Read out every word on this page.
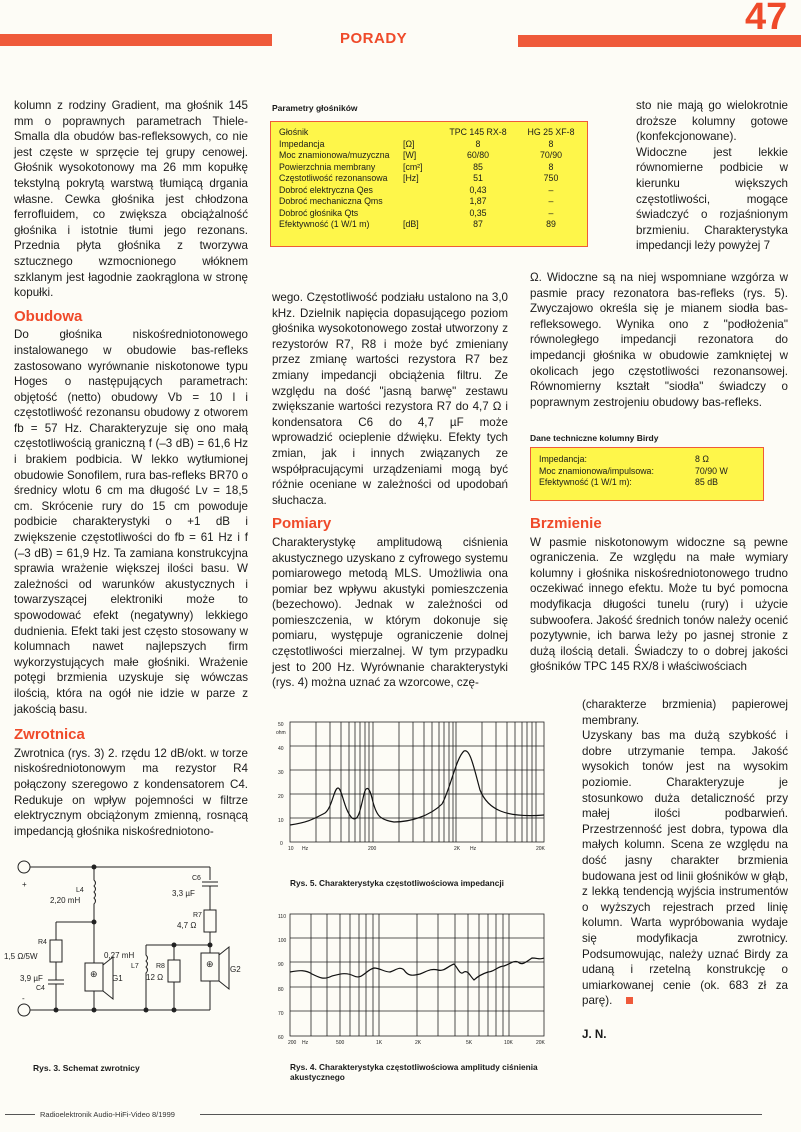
PORADY
47

kolumn z rodziny Gradient, ma głośnik 145 mm o poprawnych parametrach Thiele-Smalla dla obudów bas-refleksowych, co nie jest częste w sprzęcie tej grupy cenowej. Głośnik wysokotonowy ma 26 mm kopułkę tekstylną pokrytą warstwą tłumiącą drgania własne. Cewka głośnika jest chłodzona ferrofluidem, co zwiększa obciążalność głośnika i istotnie tłumi jego rezonans. Przednia płyta głośnika z tworzywa sztucznego wzmocnionego włóknem szklanym jest łagodnie zaokrąglona w stronę kopułki.

Obudowa

Do głośnika niskośredniotonowego instalowanego w obudowie bas-refleks zastosowano wyrównanie niskotonowe typu Hoges o następujących parametrach: objętość (netto) obudowy Vb = 10 l i częstotliwość rezonansu obudowy z otworem fb = 57 Hz. Charakteryzuje się ono małą częstotliwością graniczną f (–3 dB) = 61,6 Hz i brakiem podbicia. W lekko wytłumionej obudowie Sonofilem, rura bas-refleks BR70 o średnicy wlotu 6 cm ma długość Lv = 18,5 cm. Skrócenie rury do 15 cm powoduje podbicie charakterystyki o +1 dB i zwiększenie częstotliwości do fb = 61 Hz i f (–3 dB) = 61,9 Hz. Ta zamiana konstrukcyjna sprawia wrażenie większej ilości basu. W zależności od warunków akustycznych i towarzyszącej elektroniki może to spowodować efekt (negatywny) lekkiego dudnienia. Efekt taki jest często stosowany w kolumnach nawet najlepszych firm wykorzystujących małe głośniki. Wrażenie potęgi brzmienia uzyskuje się wówczas ilością, która na ogół nie idzie w parze z jakością basu.

Zwrotnica

Zwrotnica (rys. 3) 2. rzędu 12 dB/okt. w torze niskośredniotonowym ma rezystor R4 połączony szeregowo z kondensatorem C4. Redukuje on wpływ pojemności w filtrze elektrycznym obciążonym zmienną, rosnącą impedancją głośnika niskośredniotono-

+
-
L4
2,20 mH
C6
3,3 µF
R7
4,7 Ω
R4
1,5 Ω/5W
3,9 µF
C4
0,27 mH
L7 R8
12 Ω
G1
G2
⊕
⊕
Rys. 3. Schemat zwrotnicy
Parametry głośników
Głośnik		TPC 145 RX-8	HG 25 XF-8
Impedancja	[Ω]	8	8
Moc znamionowa/muzyczna	[W]	60/80	70/90
Powierzchnia membrany	[cm²]	85	8
Częstotliwość rezonansowa	[Hz]	51	750
Dobroć elektryczna Qes		0,43	–
Dobroć mechaniczna Qms		1,87	–
Dobroć głośnika Qts		0,35	–
Efektywność (1 W/1 m)	[dB]	87	89

wego. Częstotliwość podziału ustalono na 3,0 kHz. Dzielnik napięcia dopasującego poziom głośnika wysokotonowego został utworzony z rezystorów R7, R8 i może być zmieniany przez zmianę wartości rezystora R7 bez zmiany impedancji obciążenia filtru. Ze względu na dość "jasną barwę" zestawu zwiększanie wartości rezystora R7 do 4,7 Ω i kondensatora C6 do 4,7 µF może wprowadzić ocieplenie dźwięku. Efekty tych zmian, jak i innych związanych ze współpracującymi urządzeniami mogą być różnie oceniane w zależności od upodobań słuchacza.

Pomiary

Charakterystykę amplitudową ciśnienia akustycznego uzyskano z cyfrowego systemu pomiarowego metodą MLS. Umożliwia ona pomiar bez wpływu akustyki pomieszczenia (bezechowo). Jednak w zależności od pomieszczenia, w którym dokonuje się pomiaru, występuje ograniczenie dolnej częstotliwości mierzalnej. W tym przypadku jest to 200 Hz. Wyrównanie charakterystyki (rys. 4) można uznać za wzorcowe, czę-

50
40
30
20
10
0
ohm
10 Hz	200	2K Hz	20K
Rys. 5. Charakterystyka częstotliwościowa impedancji
110
100
90
80
70
60
200 Hz	500	1K	2K	5K	10K	20K
Rys. 4. Charakterystyka częstotliwościowa amplitudy ciśnienia akustycznego

sto nie mają go wielokrotnie droższe kolumny gotowe (konfekcjonowane). Widoczne jest lekkie równomierne podbicie w kierunku większych częstotliwości, mogące świadczyć o rozjaśnionym brzmieniu. Charakterystyka impedancji leży powyżej 7

Ω. Widoczne są na niej wspomniane wzgórza w pasmie pracy rezonatora bas-refleks (rys. 5). Zwyczajowo określa się je mianem siodła bas-refleksowego. Wynika ono z "podłożenia" równoległego impedancji rezonatora do impedancji głośnika w obudowie zamkniętej w okolicach jego częstotliwości rezonansowej. Równomierny kształt "siodła" świadczy o poprawnym zestrojeniu obudowy bas-refleks.

Dane techniczne kolumny Birdy
Impedancja:	8 Ω
Moc znamionowa/impulsowa:	70/90 W
Efektywność (1 W/1 m):	85 dB
Brzmienie

W pasmie niskotonowym widoczne są pewne ograniczenia. Ze względu na małe wymiary kolumny i głośnika niskośredniotonowego trudno oczekiwać innego efektu. Może tu być pomocna modyfikacja długości tunelu (rury) i użycie subwoofera. Jakość średnich tonów należy ocenić pozytywnie, ich barwa leży po jasnej stronie z dużą ilością detali. Świadczy to o dobrej jakości głośników TPC 145 RX/8 i właściwościach

(charakterze brzmienia) papierowej membrany.

Uzyskany bas ma dużą szybkość i dobre utrzymanie tempa. Jakość wysokich tonów jest na wysokim poziomie. Charakteryzuje je stosunkowo duża detaliczność przy małej ilości podbarwień. Przestrzenność jest dobra, typowa dla małych kolumn. Scena ze względu na dość jasny charakter brzmienia budowana jest od linii głośników w głąb, z lekką tendencją wyjścia instrumentów o wyższych rejestrach przed linię kolumn. Warta wypróbowania wydaje się modyfikacja zwrotnicy. Podsumowując, należy uznać Birdy za udaną i rzetelną konstrukcję o umiarkowanej cenie (ok. 683 zł za parę).

J. N.

Radioelektronik Audio-HiFi-Video 8/1999
